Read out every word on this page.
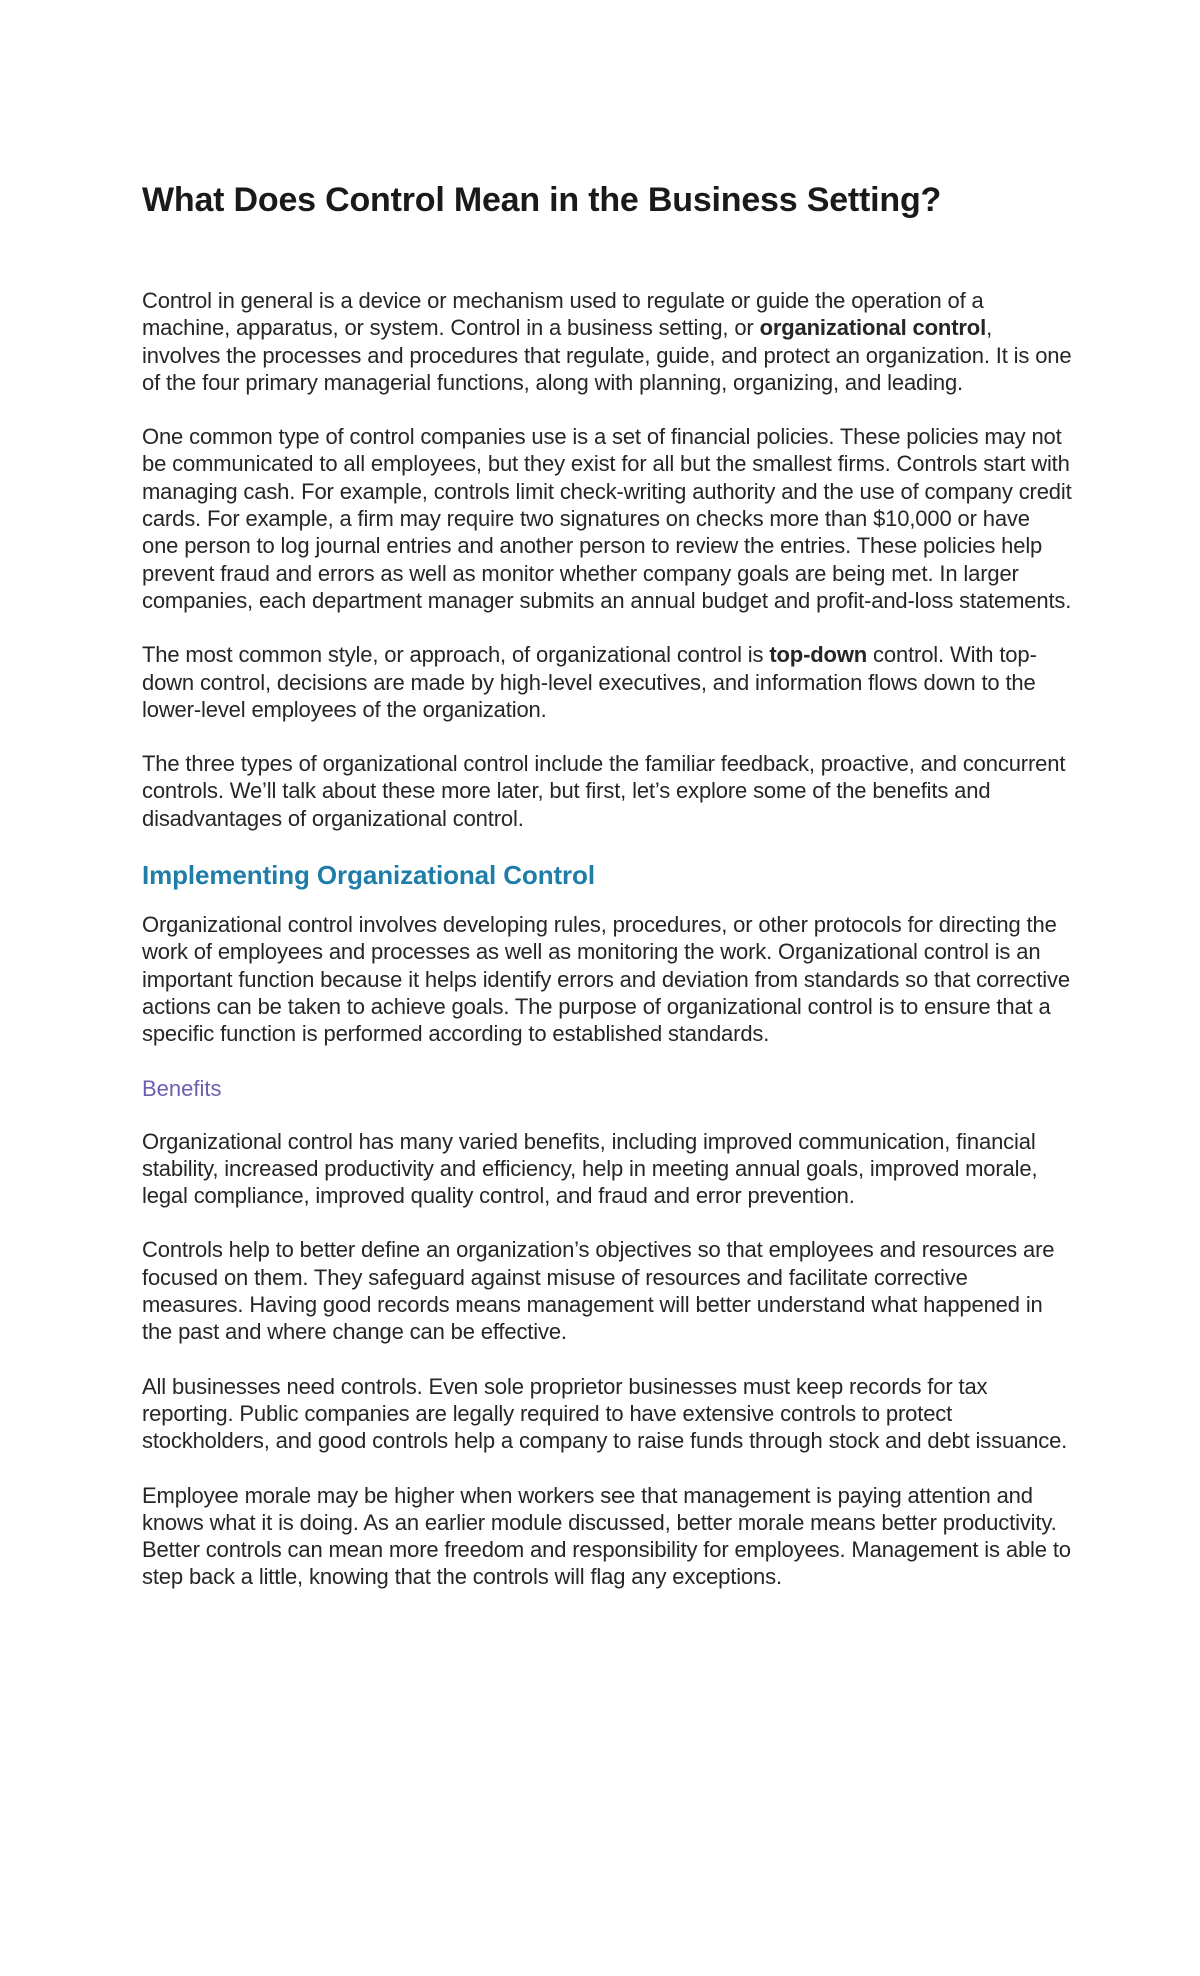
What Does Control Mean in the Business Setting?

Control in general is a device or mechanism used to regulate or guide the operation of a machine, apparatus, or system. Control in a business setting, or organizational control, involves the processes and procedures that regulate, guide, and protect an organization. It is one of the four primary managerial functions, along with planning, organizing, and leading.

One common type of control companies use is a set of financial policies. These policies may not be communicated to all employees, but they exist for all but the smallest firms. Controls start with managing cash. For example, controls limit check-writing authority and the use of company credit cards. For example, a firm may require two signatures on checks more than $10,000 or have one person to log journal entries and another person to review the entries. These policies help prevent fraud and errors as well as monitor whether company goals are being met. In larger companies, each department manager submits an annual budget and profit-and-loss statements.

The most common style, or approach, of organizational control is top-down control. With top-down control, decisions are made by high-level executives, and information flows down to the lower-level employees of the organization.

The three types of organizational control include the familiar feedback, proactive, and concurrent controls. We’ll talk about these more later, but first, let’s explore some of the benefits and disadvantages of organizational control.

Implementing Organizational Control

Organizational control involves developing rules, procedures, or other protocols for directing the work of employees and processes as well as monitoring the work. Organizational control is an important function because it helps identify errors and deviation from standards so that corrective actions can be taken to achieve goals. The purpose of organizational control is to ensure that a specific function is performed according to established standards.

Benefits

Organizational control has many varied benefits, including improved communication, financial stability, increased productivity and efficiency, help in meeting annual goals, improved morale, legal compliance, improved quality control, and fraud and error prevention.

Controls help to better define an organization’s objectives so that employees and resources are focused on them. They safeguard against misuse of resources and facilitate corrective measures. Having good records means management will better understand what happened in the past and where change can be effective.

All businesses need controls. Even sole proprietor businesses must keep records for tax reporting. Public companies are legally required to have extensive controls to protect stockholders, and good controls help a company to raise funds through stock and debt issuance.

Employee morale may be higher when workers see that management is paying attention and knows what it is doing. As an earlier module discussed, better morale means better productivity. Better controls can mean more freedom and responsibility for employees. Management is able to step back a little, knowing that the controls will flag any exceptions.
